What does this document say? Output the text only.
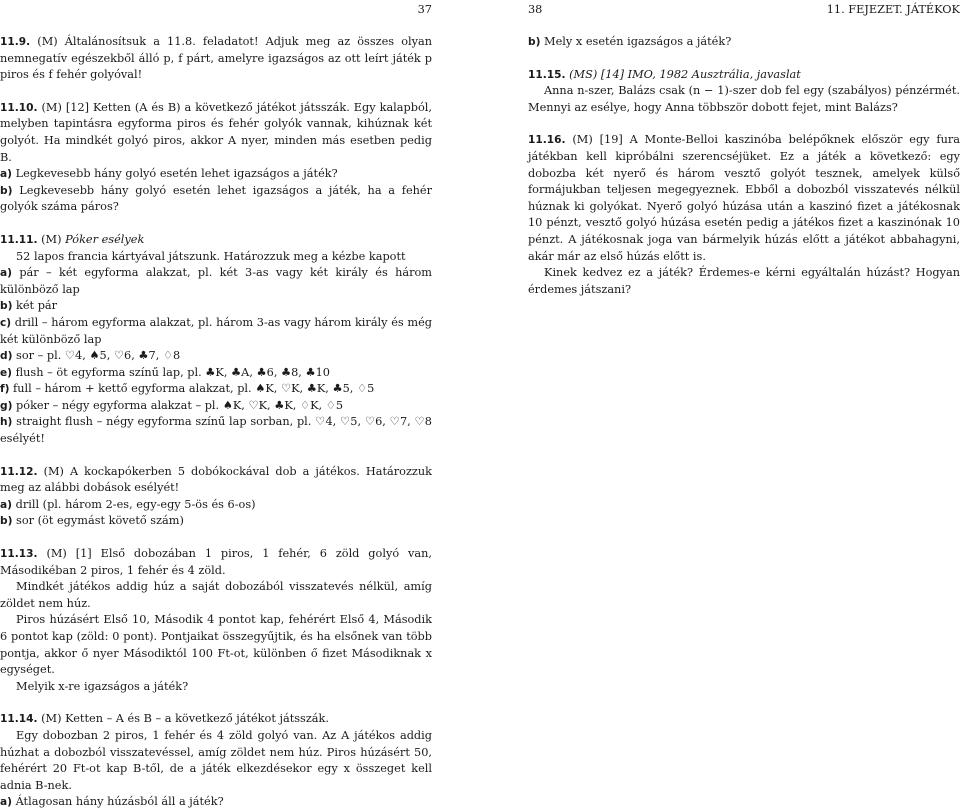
37

11.9. (M) Általánosítsuk a 11.8. feladatot! Adjuk meg az összes olyan nemnegatív egészekből álló p, f párt, amelyre igazságos az ott leírt játék p piros és f fehér golyóval!

11.10. (M) [12] Ketten (A és B) a következő játékot játsszák. Egy kalapból, melyben tapintásra egyforma piros és fehér golyók vannak, kihúznak két golyót. Ha mindkét golyó piros, akkor A nyer, minden más esetben pedig B.

a) Legkevesebb hány golyó esetén lehet igazságos a játék?

b) Legkevesebb hány golyó esetén lehet igazságos a játék, ha a fehér golyók száma páros?

11.11. (M) Póker esélyek

52 lapos francia kártyával játszunk. Határozzuk meg a kézbe kapott

a) pár – két egyforma alakzat, pl. két 3-as vagy két király és három különböző lap

b) két pár

c) drill – három egyforma alakzat, pl. három 3-as vagy három király és még két különböző lap

d) sor – pl. ♡4, ♠5, ♡6, ♣7, ♢8

e) flush – öt egyforma színű lap, pl. ♣K, ♣A, ♣6, ♣8, ♣10

f) full – három + kettő egyforma alakzat, pl. ♠K, ♡K, ♣K, ♣5, ♢5

g) póker – négy egyforma alakzat – pl. ♠K, ♡K, ♣K, ♢K, ♢5

h) straight flush – négy egyforma színű lap sorban, pl. ♡4, ♡5, ♡6, ♡7, ♡8 esélyét!

11.12. (M) A kockapókerben 5 dobókockával dob a játékos. Határozzuk meg az alábbi dobások esélyét!

a) drill (pl. három 2-es, egy-egy 5-ös és 6-os)

b) sor (öt egymást követő szám)

11.13. (M) [1] Első dobozában 1 piros, 1 fehér, 6 zöld golyó van, Másodikéban 2 piros, 1 fehér és 4 zöld.

Mindkét játékos addig húz a saját dobozából visszatevés nélkül, amíg zöldet nem húz.

Piros húzásért Első 10, Második 4 pontot kap, fehérért Első 4, Második 6 pontot kap (zöld: 0 pont). Pontjaikat összegyűjtik, és ha elsőnek van több pontja, akkor ő nyer Másodiktól 100 Ft-ot, különben ő fizet Másodiknak x egységet.

Melyik x-re igazságos a játék?

11.14. (M) Ketten – A és B – a következő játékot játsszák.

Egy dobozban 2 piros, 1 fehér és 4 zöld golyó van. Az A játékos addig húzhat a dobozból visszatevéssel, amíg zöldet nem húz. Piros húzásért 50, fehérért 20 Ft-ot kap B-től, de a játék elkezdésekor egy x összeget kell adnia B-nek.

a) Átlagosan hány húzásból áll a játék?

38	11. FEJEZET. JÁTÉKOK

b) Mely x esetén igazságos a játék?

11.15. (MS) [14] IMO, 1982 Ausztrália, javaslat

Anna n-szer, Balázs csak (n − 1)-szer dob fel egy (szabályos) pénzérmét. Mennyi az esélye, hogy Anna többször dobott fejet, mint Balázs?

11.16. (M) [19] A Monte-Belloi kaszinóba belépőknek először egy fura játékban kell kipróbálni szerencséjüket. Ez a játék a következő: egy dobozba két nyerő és három vesztő golyót tesznek, amelyek külső formájukban teljesen megegyeznek. Ebből a dobozból visszatevés nélkül húznak ki golyókat. Nyerő golyó húzása után a kaszinó fizet a játékosnak 10 pénzt, vesztő golyó húzása esetén pedig a játékos fizet a kaszinónak 10 pénzt. A játékosnak joga van bármelyik húzás előtt a játékot abbahagyni, akár már az első húzás előtt is.

Kinek kedvez ez a játék? Érdemes-e kérni egyáltalán húzást? Hogyan érdemes játszani?
